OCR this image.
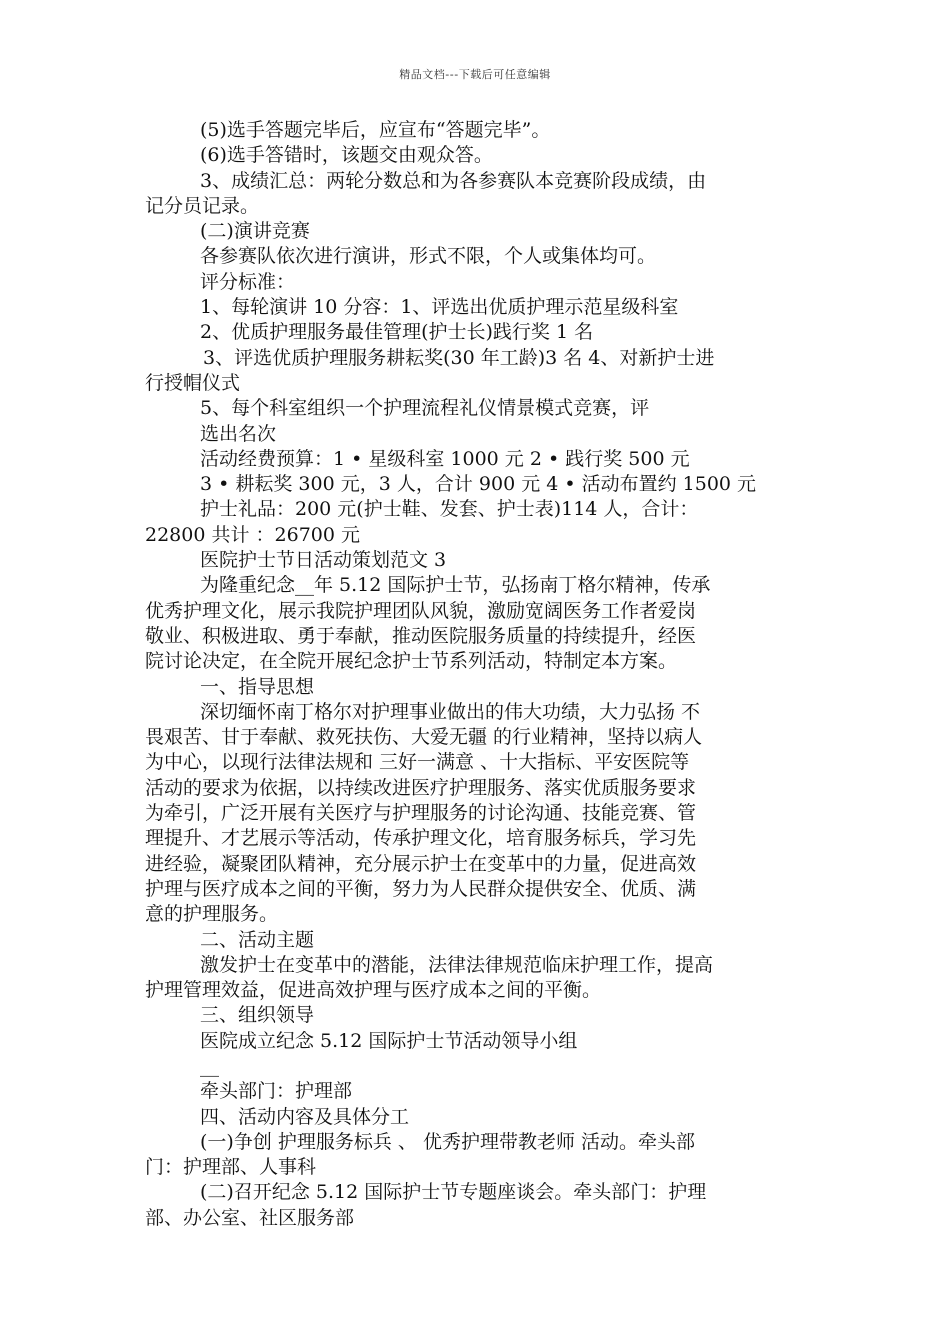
精品文档---下载后可任意编辑
(5)选手答题完毕后，应宣布“答题完毕”。
(6)选手答错时，该题交由观众答。
3、成绩汇总：两轮分数总和为各参赛队本竞赛阶段成绩，由
记分员记录。
(二)演讲竞赛
各参赛队依次进行演讲，形式不限，个人或集体均可。
评分标准：
1、每轮演讲 10 分容：1、评选出优质护理示范星级科室
2、优质护理服务最佳管理(护士长)践行奖 1 名
3、评选优质护理服务耕耘奖(30 年工龄)3 名 4、对新护士进
行授帽仪式
5、每个科室组织一个护理流程礼仪情景模式竞赛，评
选出名次
活动经费预算：1 • 星级科室 1000 元 2 • 践行奖 500 元
3 • 耕耘奖 300 元，3 人，合计 900 元 4 • 活动布置约 1500 元
护士礼品：200 元(护士鞋、发套、护士表)114 人，合计：
22800 共计 ：26700 元
医院护士节日活动策划范文 3
为隆重纪念__年 5.12 国际护士节，弘扬南丁格尔精神，传承
优秀护理文化，展示我院护理团队风貌，激励宽阔医务工作者爱岗
敬业、积极进取、勇于奉献，推动医院服务质量的持续提升，经医
院讨论决定，在全院开展纪念护士节系列活动，特制定本方案。
一、指导思想
深切缅怀南丁格尔对护理事业做出的伟大功绩，大力弘扬 不
畏艰苦、甘于奉献、救死扶伤、大爱无疆 的行业精神，坚持以病人
为中心，以现行法律法规和 三好一满意 、十大指标、平安医院等
活动的要求为依据，以持续改进医疗护理服务、落实优质服务要求
为牵引，广泛开展有关医疗与护理服务的讨论沟通、技能竞赛、管
理提升、才艺展示等活动，传承护理文化，培育服务标兵，学习先
进经验，凝聚团队精神，充分展示护士在变革中的力量，促进高效
护理与医疗成本之间的平衡，努力为人民群众提供安全、优质、满
意的护理服务。
二、活动主题
激发护士在变革中的潜能，法律法律规范临床护理工作，提高
护理管理效益，促进高效护理与医疗成本之间的平衡。
三、组织领导
医院成立纪念 5.12 国际护士节活动领导小组
__
牵头部门：护理部
四、活动内容及具体分工
(一)争创 护理服务标兵 、 优秀护理带教老师 活动。牵头部
门：护理部、人事科
(二)召开纪念 5.12 国际护士节专题座谈会。牵头部门：护理
部、办公室、社区服务部
